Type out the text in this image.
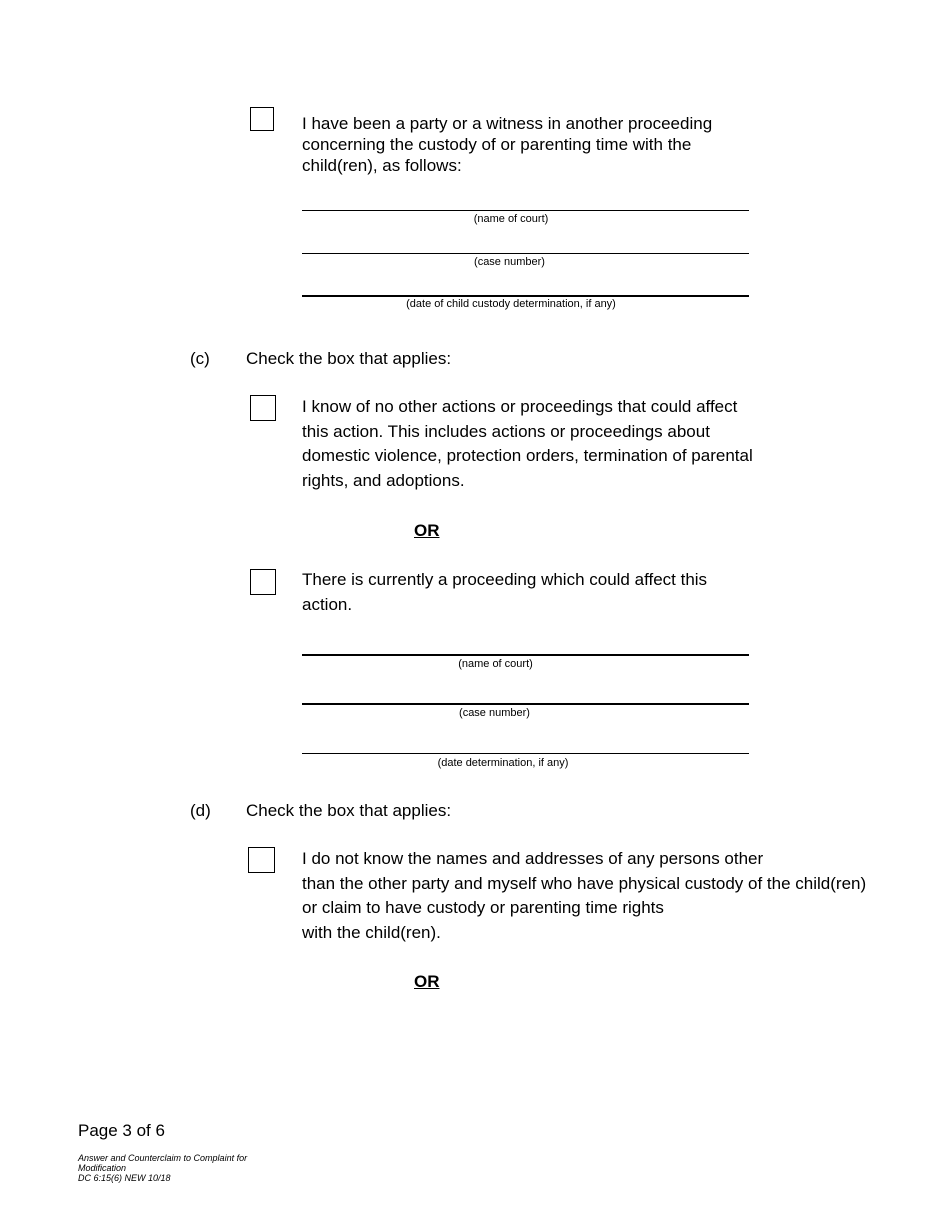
I have been a party or a witness in another proceeding
concerning the custody of or parenting time with the
child(ren), as follows:
(name of court)
(case number)
(date of child custody determination, if any)
(c) Check the box that applies:
I know of no other actions or proceedings that could affect
this action. This includes actions or proceedings about
domestic violence, protection orders, termination of parental
rights, and adoptions.
OR
There is currently a proceeding which could affect this
action.
(name of court)
(case number)
(date determination, if any)
(d) Check the box that applies:
I do not know the names and addresses of any persons other
than the other party and myself who have physical custody of the child(ren)
or claim to have custody or parenting time rights
with the child(ren).
OR
Page 3 of 6
Answer and Counterclaim to Complaint for
Modification
DC 6:15(6) NEW 10/18
